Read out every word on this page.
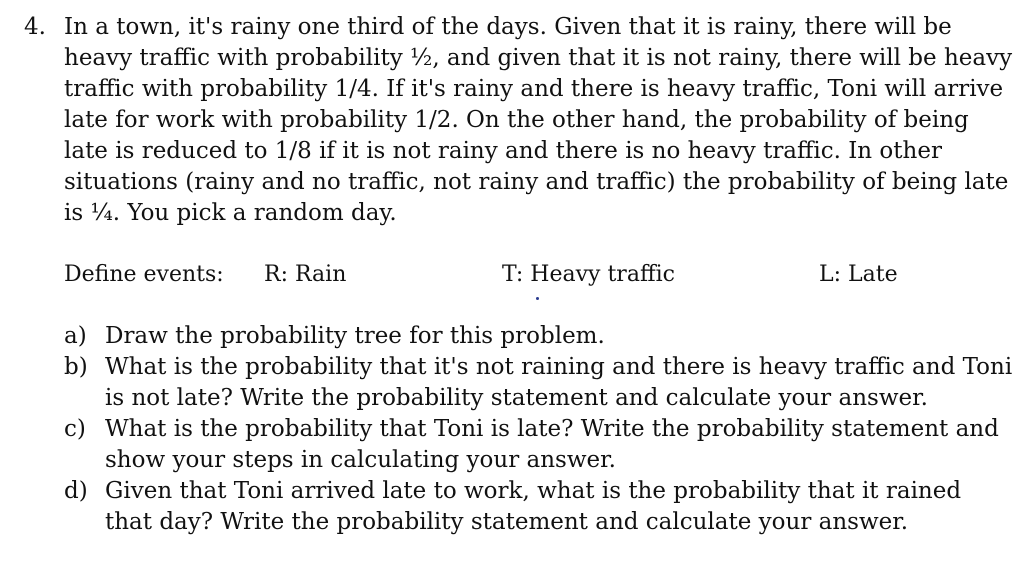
4. In a town, it's rainy one third of the days. Given that it is rainy, there will be
heavy traffic with probability ½, and given that it is not rainy, there will be heavy
traffic with probability 1/4. If it's rainy and there is heavy traffic, Toni will arrive
late for work with probability 1/2. On the other hand, the probability of being
late is reduced to 1/8 if it is not rainy and there is no heavy traffic. In other
situations (rainy and no traffic, not rainy and traffic) the probability of being late
is ¼. You pick a random day.
Define events: R: Rain	T: Heavy traffic	L: Late
a) Draw the probability tree for this problem.
b) What is the probability that it's not raining and there is heavy traffic and Toni
is not late? Write the probability statement and calculate your answer.
c) What is the probability that Toni is late? Write the probability statement and
show your steps in calculating your answer.
d) Given that Toni arrived late to work, what is the probability that it rained
that day? Write the probability statement and calculate your answer.
